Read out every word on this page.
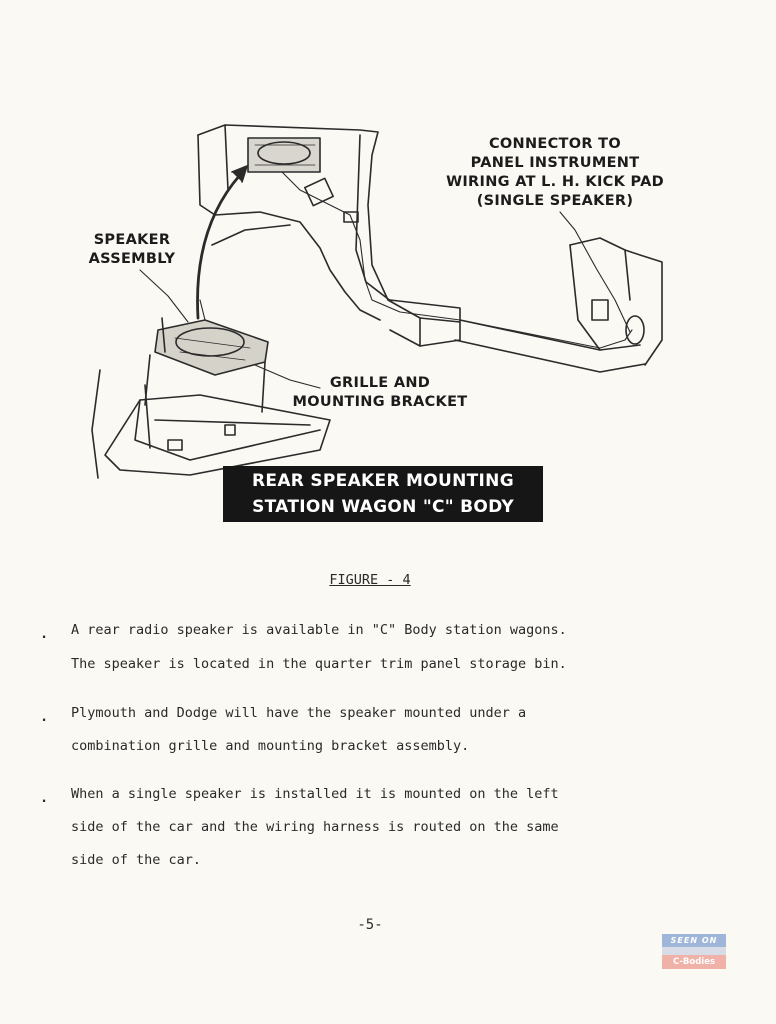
CONNECTOR TO
PANEL INSTRUMENT
WIRING AT L. H. KICK PAD
(SINGLE SPEAKER)
SPEAKER
ASSEMBLY
GRILLE AND
MOUNTING BRACKET
REAR SPEAKER MOUNTING
STATION WAGON "C" BODY
FIGURE - 4
. A rear radio speaker is available in "C" Body station wagons.
The speaker is located in the quarter trim panel storage bin.
. Plymouth and Dodge will have the speaker mounted under a
combination grille and mounting bracket assembly.
. When a single speaker is installed it is mounted on the left
side of the car and the wiring harness is routed on the same
side of the car.
-5-
SEEN ON
C-Bodies
